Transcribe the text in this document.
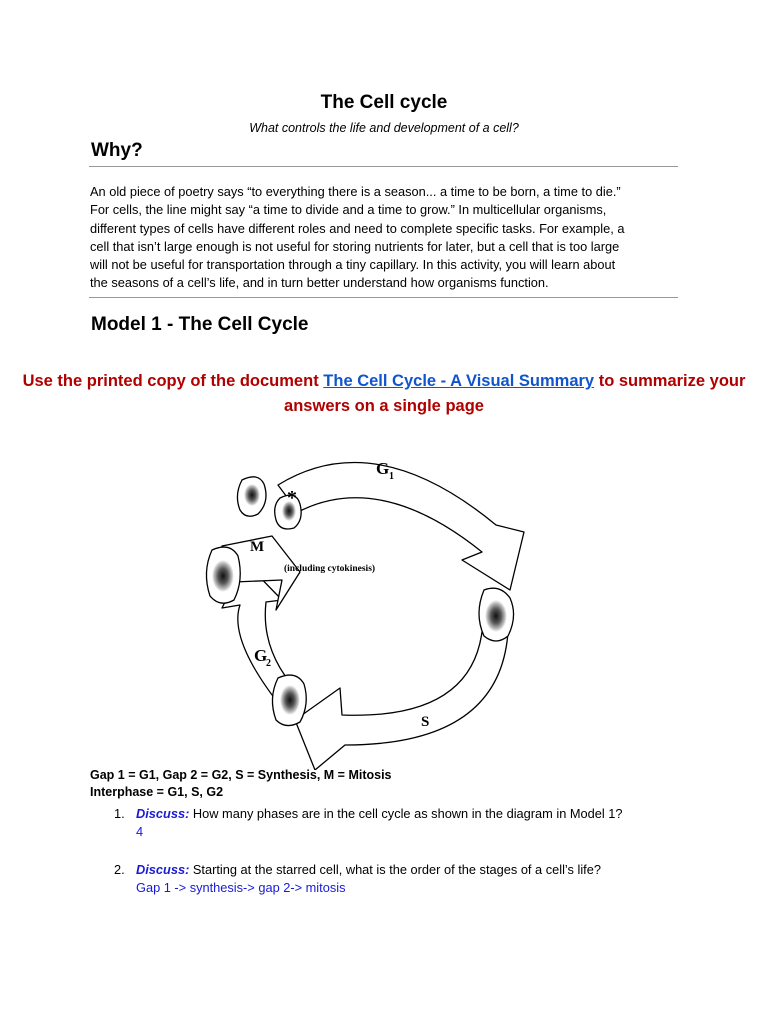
The Cell cycle
What controls the life and development of a cell?
Why?
An old piece of poetry says “to everything there is a season... a time to be born, a time to die.”
For cells, the line might say “a time to divide and a time to grow.” In multicellular organisms,
different types of cells have different roles and need to complete specific tasks. For example, a
cell that isn’t large enough is not useful for storing nutrients for later, but a cell that is too large
will not be useful for transportation through a tiny capillary. In this activity, you will learn about
the seasons of a cell’s life, and in turn better understand how organisms function.
Model 1 - The Cell Cycle
Use the printed copy of the document The Cell Cycle - A Visual Summary to summarize your answers on a single page
G 1
*
M
(including cytokinesis)
G
2
S
Gap 1 = G1, Gap 2 = G2, S = Synthesis, M = Mitosis
Interphase = G1, S, G2
1. Discuss: How many phases are in the cell cycle as shown in the diagram in Model 1?
4
2. Discuss: Starting at the starred cell, what is the order of the stages of a cell’s life?
Gap 1 -> synthesis-> gap 2-> mitosis
